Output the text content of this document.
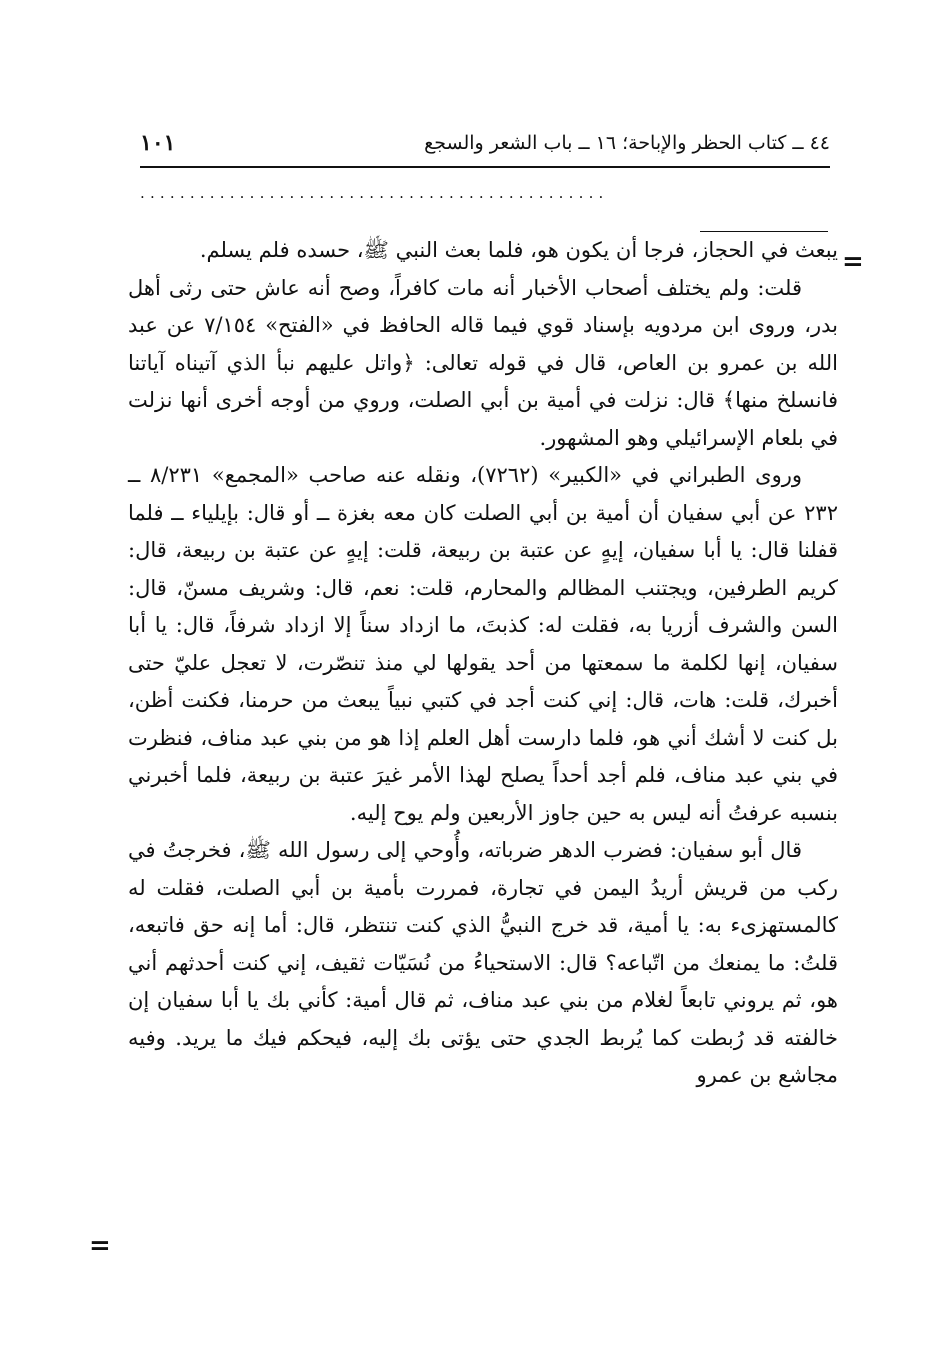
٤٤ ــ كتاب الحظر والإباحة؛ ١٦ ــ باب الشعر والسجع
١٠١
...............................................
=
=

يبعث في الحجاز، فرجا أن يكون هو، فلما بعث النبي ﷺ، حسده فلم يسلم.

قلت: ولم يختلف أصحاب الأخبار أنه مات كافراً، وصح أنه عاش حتى رثى أهل بدر، وروى ابن مردويه بإسناد قوي فيما قاله الحافظ في «الفتح» ٧/١٥٤ عن عبد الله بن عمرو بن العاص، قال في قوله تعالى: ﴿واتل عليهم نبأ الذي آتيناه آياتنا فانسلخ منها﴾ قال: نزلت في أمية بن أبي الصلت، وروي من أوجه أخرى أنها نزلت في بلعام الإسرائيلي وهو المشهور.

وروى الطبراني في «الكبير» (٧٢٦٢)، ونقله عنه صاحب «المجمع» ٨/٢٣١ ــ ٢٣٢ عن أبي سفيان أن أمية بن أبي الصلت كان معه بغزة ــ أو قال: بإيلياء ــ فلما قفلنا قال: يا أبا سفيان، إيهٍ عن عتبة بن ربيعة، قلت: إيهٍ عن عتبة بن ربيعة، قال: كريم الطرفين، ويجتنب المظالم والمحارم، قلت: نعم، قال: وشريف مسنّ، قال: السن والشرف أزريا به، فقلت له: كذبتَ، ما ازداد سناً إلا ازداد شرفاً، قال: يا أبا سفيان، إنها لكلمة ما سمعتها من أحد يقولها لي منذ تنصّرت، لا تعجل عليّ حتى أخبرك، قلت: هات، قال: إني كنت أجد في كتبي نبياً يبعث من حرمنا، فكنت أظن، بل كنت لا أشك أني هو، فلما دارست أهل العلم إذا هو من بني عبد مناف، فنظرت في بني عبد مناف، فلم أجد أحداً يصلح لهذا الأمر غيرَ عتبة بن ربيعة، فلما أخبرني بنسبه عرفتُ أنه ليس به حين جاوز الأربعين ولم يوح إليه.

قال أبو سفيان: فضرب الدهر ضرباته، وأُوحي إلى رسول الله ﷺ، فخرجتُ في ركب من قريش أريدُ اليمن في تجارة، فمررت بأمية بن أبي الصلت، فقلت له كالمستهزىء به: يا أمية، قد خرج النبيُّ الذي كنت تنتظر، قال: أما إنه حق فاتبعه، قلتُ: ما يمنعك من اتّباعه؟ قال: الاستحياءُ من نُسَيّات ثقيف، إني كنت أحدثهم أني هو، ثم يروني تابعاً لغلام من بني عبد مناف، ثم قال أمية: كأني بك يا أبا سفيان إن خالفته قد رُبطت كما يُربط الجدي حتى يؤتى بك إليه، فيحكم فيك ما يريد. وفيه مجاشع بن عمرو
